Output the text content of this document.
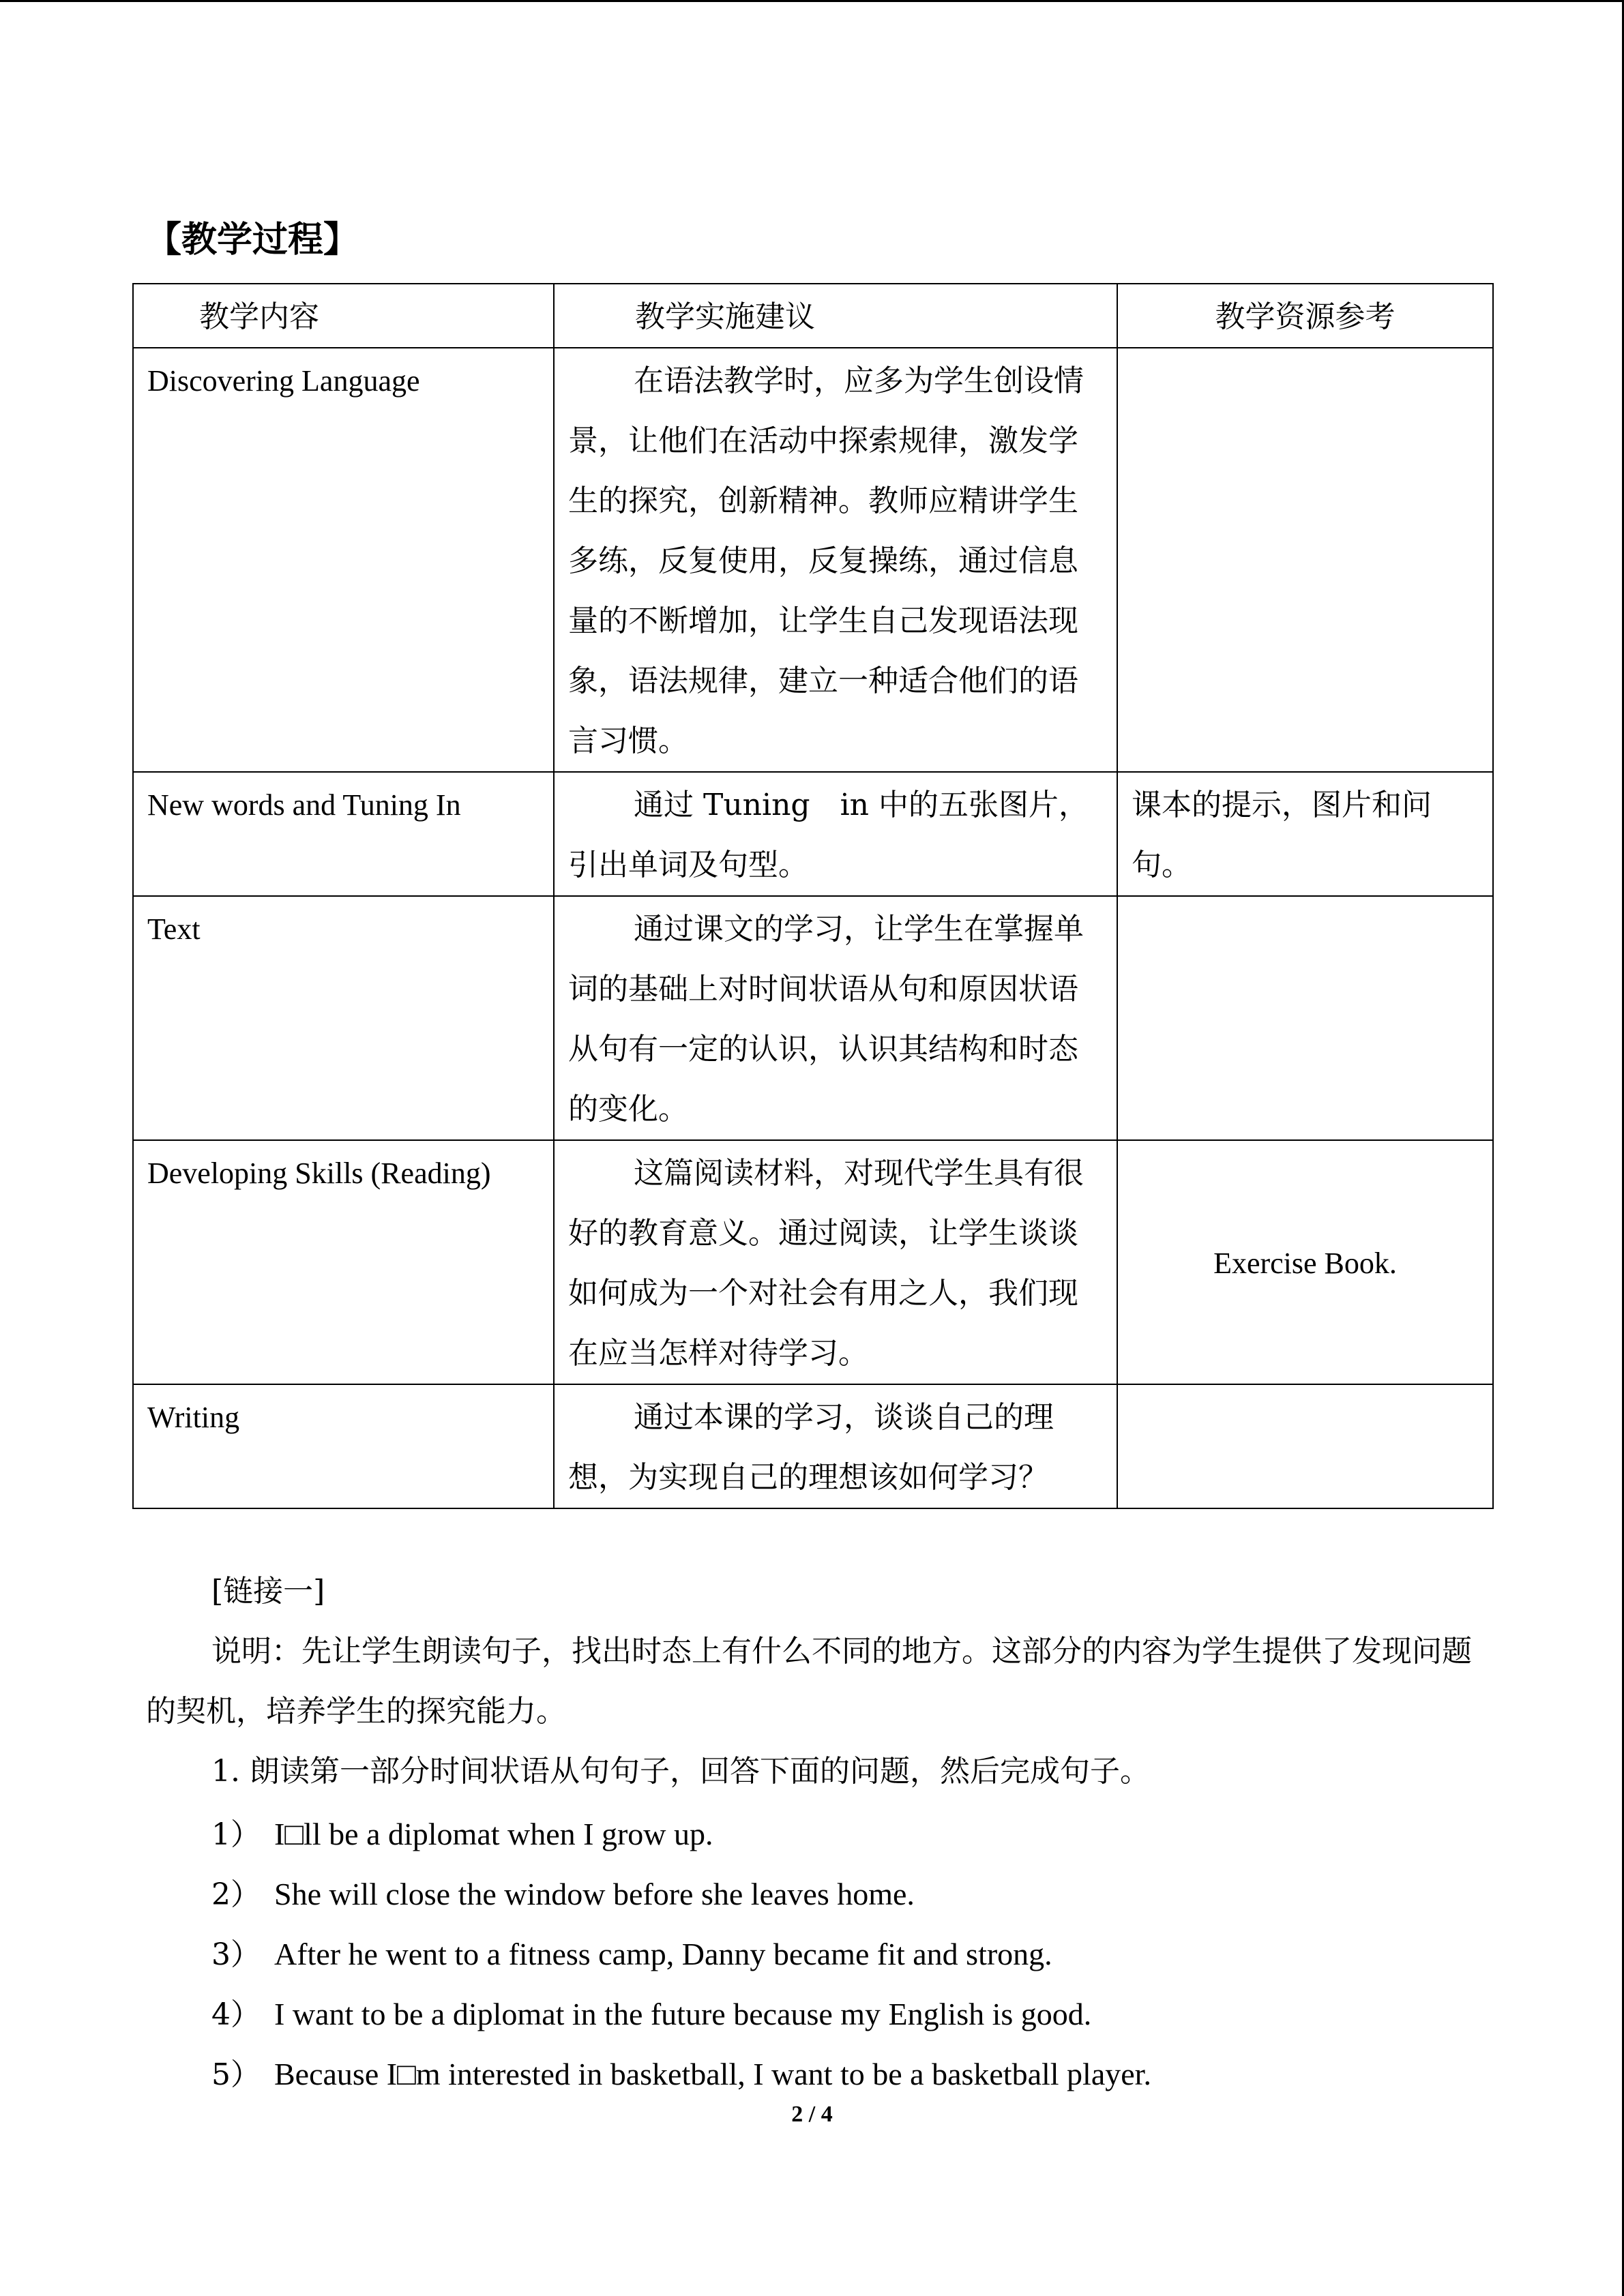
【教学过程】
教学内容	教学实施建议	教学资源参考
Discovering Language	在语法教学时，应多为学生创设情景，让他们在活动中探索规律，激发学生的探究，创新精神。教师应精讲学生多练，反复使用，反复操练，通过信息量的不断增加，让学生自己发现语法现象，语法规律，建立一种适合他们的语言习惯。	
New words and Tuning In	通过 Tuning　in 中的五张图片，引出单词及句型。	课本的提示，图片和问句。
Text	通过课文的学习，让学生在掌握单词的基础上对时间状语从句和原因状语从句有一定的认识，认识其结构和时态的变化。	
Developing Skills (Reading)	这篇阅读材料，对现代学生具有很好的教育意义。通过阅读，让学生谈谈如何成为一个对社会有用之人，我们现在应当怎样对待学习。	Exercise Book.
Writing	通过本课的学习，谈谈自己的理想，为实现自己的理想该如何学习？	
[链接一]
说明：先让学生朗读句子，找出时态上有什么不同的地方。这部分的内容为学生提供了发现问题的契机，培养学生的探究能力。
1. 朗读第一部分时间状语从句句子，回答下面的问题，然后完成句子。
1） I□ll be a diplomat when I grow up.
2） She will close the window before she leaves home.
3） After he went to a fitness camp, Danny became fit and strong.
4） I want to be a diplomat in the future because my English is good.
5） Because I□m interested in basketball, I want to be a basketball player.
2 / 4
